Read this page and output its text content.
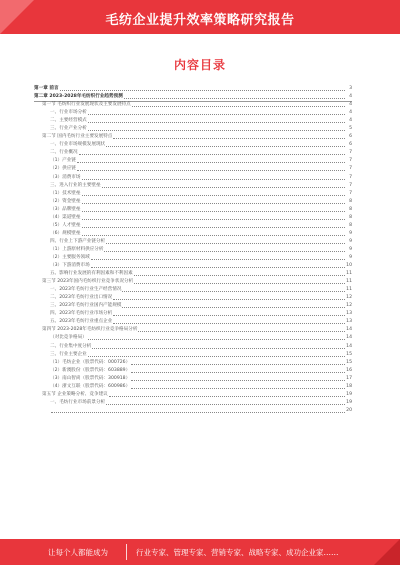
毛纺企业提升效率策略研究报告
内容目录
第一章 前言	3
第二章 2023-2028年毛纺织行业趋势预测	4
第一节 毛纺织行业发展现状及主要发展特点	4
一、行业市场分析	4
二、主要经营模式	4
三、行业产业分析	5
第二节 国内毛纺行业主要发展特点	6
一、行业市场规模发展现状	6
二、行业概况	7
（1）产业链	7
（2）供应链	7
（3）消费市场	7
三、进入行业的主要壁垒	7
（1）技术壁垒	7
（2）资金壁垒	8
（3）品牌壁垒	8
（4）渠道壁垒	8
（5）人才壁垒	8
（6）规模壁垒	9
四、行业上下游产业链分析	9
（1）上游原材料供应分析	9
（2）主要服务领域	9
（3）下游消费市场	10
五、影响行业发展的有利因素和不利因素	11
第三节 2023年国内毛纺织行业竞争状况分析	11
一、2023年毛纺行业生产经营情况	11
二、2023年毛纺行业出口情况	12
三、2023年毛纺行业国内产能规模	12
四、2023年毛纺行业市场分析	13
五、2023年毛纺行业重点企业	13
第四节 2023-2028年毛纺织行业竞争格局分析	14
（对比竞争格局）	14
二、行业集中度分析	14
三、行业主要企业	15
（1）毛纺企业（股票代码：000726）	15
（2）新澳股份（股票代码：603889）	16
（3）南山智尚（股票代码：300918）	17
（4）浙文互联（股票代码：600986）	18
第五节 企业策略分析、竞争建议	19
一、毛纺行业市场前景分析	19
20
让每个人都能成为	行业专家、管理专家、营销专家、战略专家、成功企业家……
